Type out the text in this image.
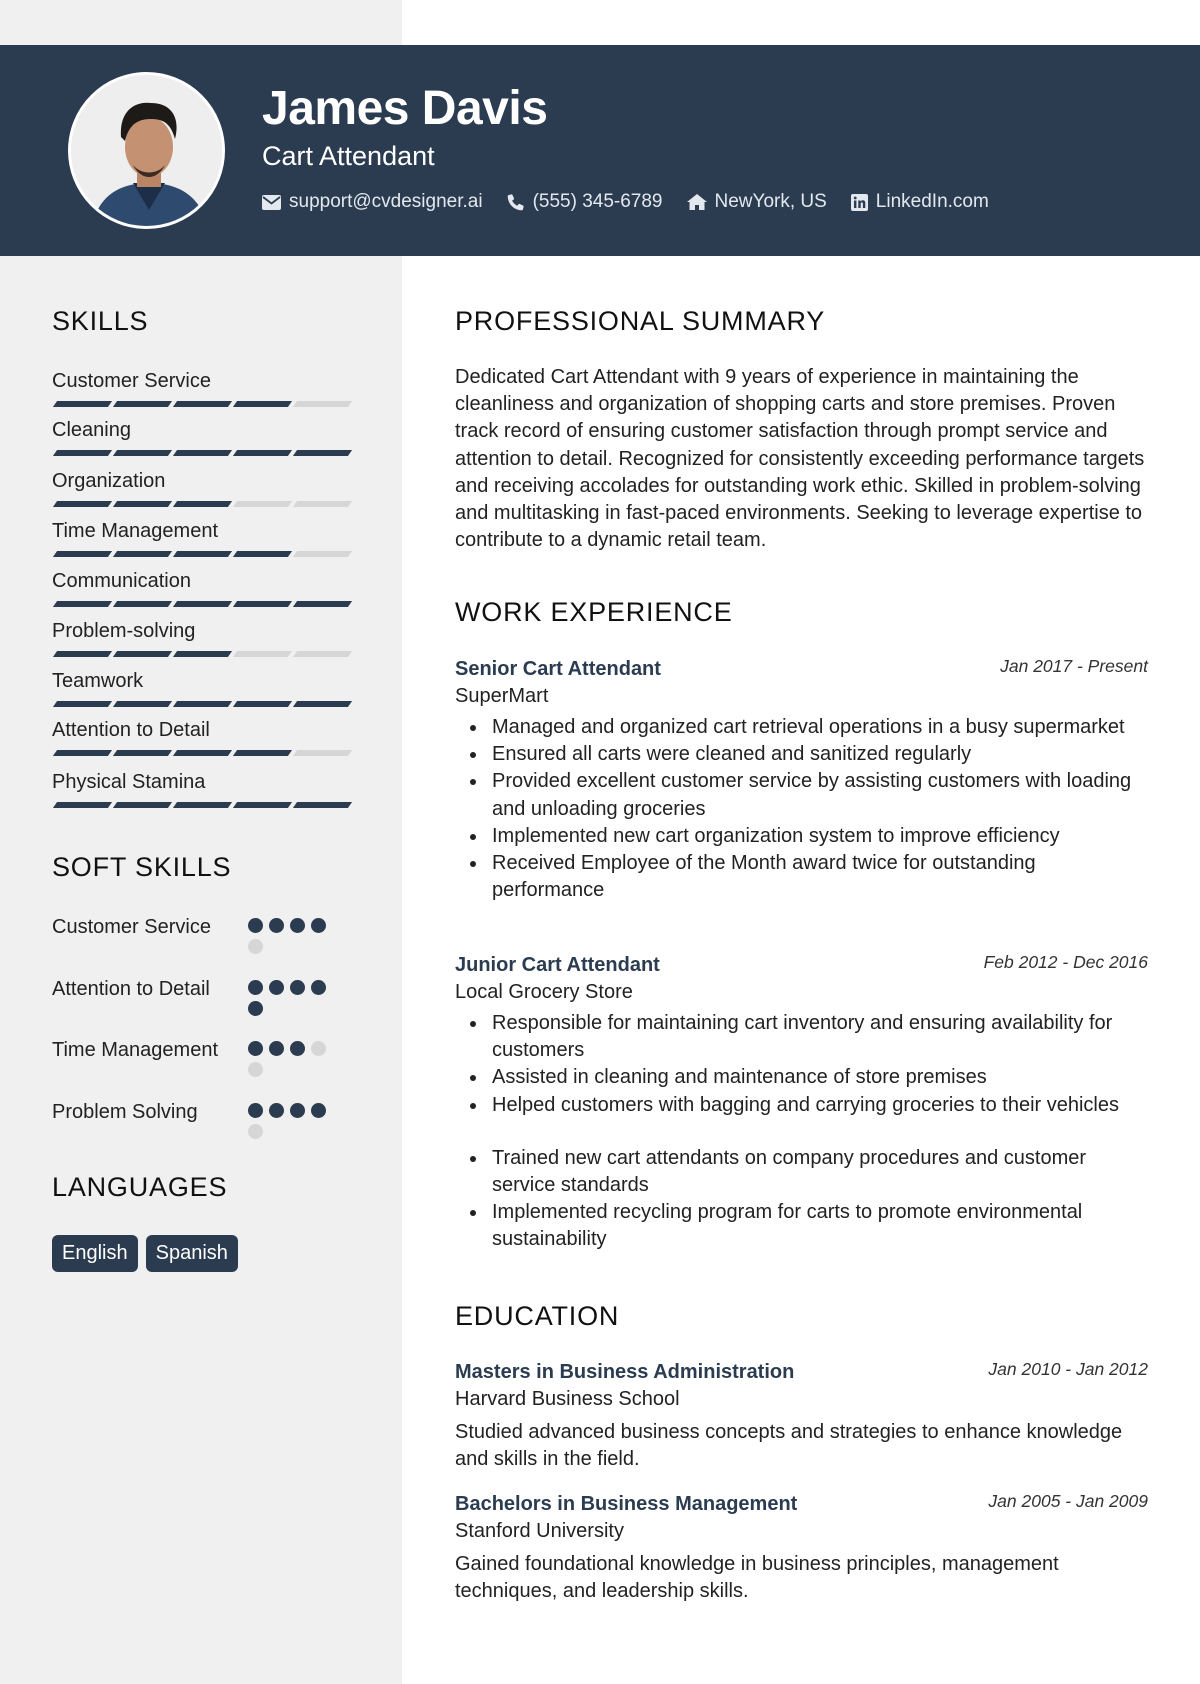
James Davis
Cart Attendant
support@cvdesigner.ai	(555) 345-6789	NewYork, US	LinkedIn.com
SKILLS
Customer Service
Cleaning
Organization
Time Management
Communication
Problem-solving
Teamwork
Attention to Detail
Physical Stamina
SOFT SKILLS
Customer Service
Attention to Detail
Time Management
Problem Solving
LANGUAGES
English	Spanish
PROFESSIONAL SUMMARY

Dedicated Cart Attendant with 9 years of experience in maintaining the cleanliness and organization of shopping carts and store premises. Proven track record of ensuring customer satisfaction through prompt service and attention to detail. Recognized for consistently exceeding performance targets and receiving accolades for outstanding work ethic. Skilled in problem-solving and multitasking in fast-paced environments. Seeking to leverage expertise to contribute to a dynamic retail team.

WORK EXPERIENCE
Senior Cart Attendant	Jan 2017 - Present
SuperMart
Managed and organized cart retrieval operations in a busy supermarket
Ensured all carts were cleaned and sanitized regularly
Provided excellent customer service by assisting customers with loading and unloading groceries
Implemented new cart organization system to improve efficiency
Received Employee of the Month award twice for outstanding performance
Junior Cart Attendant	Feb 2012 - Dec 2016
Local Grocery Store
Responsible for maintaining cart inventory and ensuring availability for customers
Assisted in cleaning and maintenance of store premises
Helped customers with bagging and carrying groceries to their vehicles
Trained new cart attendants on company procedures and customer service standards
Implemented recycling program for carts to promote environmental sustainability
EDUCATION
Masters in Business Administration	Jan 2010 - Jan 2012
Harvard Business School

Studied advanced business concepts and strategies to enhance knowledge and skills in the field.

Bachelors in Business Management	Jan 2005 - Jan 2009
Stanford University

Gained foundational knowledge in business principles, management techniques, and leadership skills.
